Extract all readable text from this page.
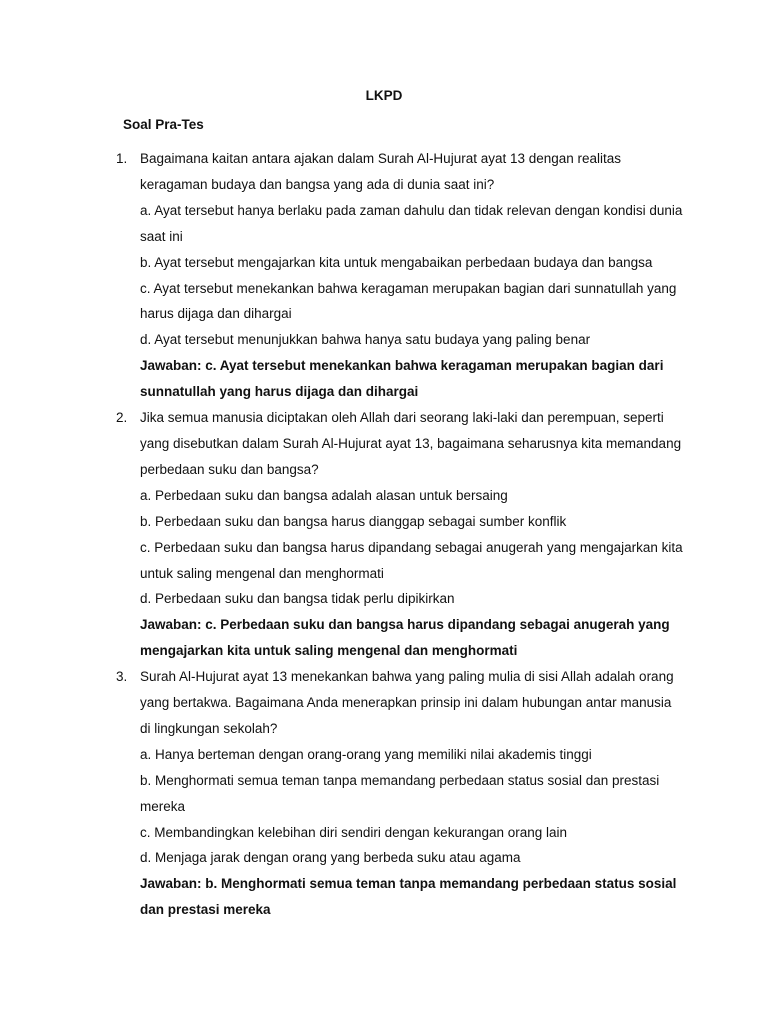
LKPD
Soal Pra-Tes
1. Bagaimana kaitan antara ajakan dalam Surah Al-Hujurat ayat 13 dengan realitas keragaman budaya dan bangsa yang ada di dunia saat ini?
a. Ayat tersebut hanya berlaku pada zaman dahulu dan tidak relevan dengan kondisi dunia saat ini
b. Ayat tersebut mengajarkan kita untuk mengabaikan perbedaan budaya dan bangsa
c. Ayat tersebut menekankan bahwa keragaman merupakan bagian dari sunnatullah yang harus dijaga dan dihargai
d. Ayat tersebut menunjukkan bahwa hanya satu budaya yang paling benar
Jawaban: c. Ayat tersebut menekankan bahwa keragaman merupakan bagian dari sunnatullah yang harus dijaga dan dihargai
2. Jika semua manusia diciptakan oleh Allah dari seorang laki-laki dan perempuan, seperti yang disebutkan dalam Surah Al-Hujurat ayat 13, bagaimana seharusnya kita memandang perbedaan suku dan bangsa?
a. Perbedaan suku dan bangsa adalah alasan untuk bersaing
b. Perbedaan suku dan bangsa harus dianggap sebagai sumber konflik
c. Perbedaan suku dan bangsa harus dipandang sebagai anugerah yang mengajarkan kita untuk saling mengenal dan menghormati
d. Perbedaan suku dan bangsa tidak perlu dipikirkan
Jawaban: c. Perbedaan suku dan bangsa harus dipandang sebagai anugerah yang mengajarkan kita untuk saling mengenal dan menghormati
3. Surah Al-Hujurat ayat 13 menekankan bahwa yang paling mulia di sisi Allah adalah orang yang bertakwa. Bagaimana Anda menerapkan prinsip ini dalam hubungan antar manusia di lingkungan sekolah?
a. Hanya berteman dengan orang-orang yang memiliki nilai akademis tinggi
b. Menghormati semua teman tanpa memandang perbedaan status sosial dan prestasi mereka
c. Membandingkan kelebihan diri sendiri dengan kekurangan orang lain
d. Menjaga jarak dengan orang yang berbeda suku atau agama
Jawaban: b. Menghormati semua teman tanpa memandang perbedaan status sosial dan prestasi mereka
